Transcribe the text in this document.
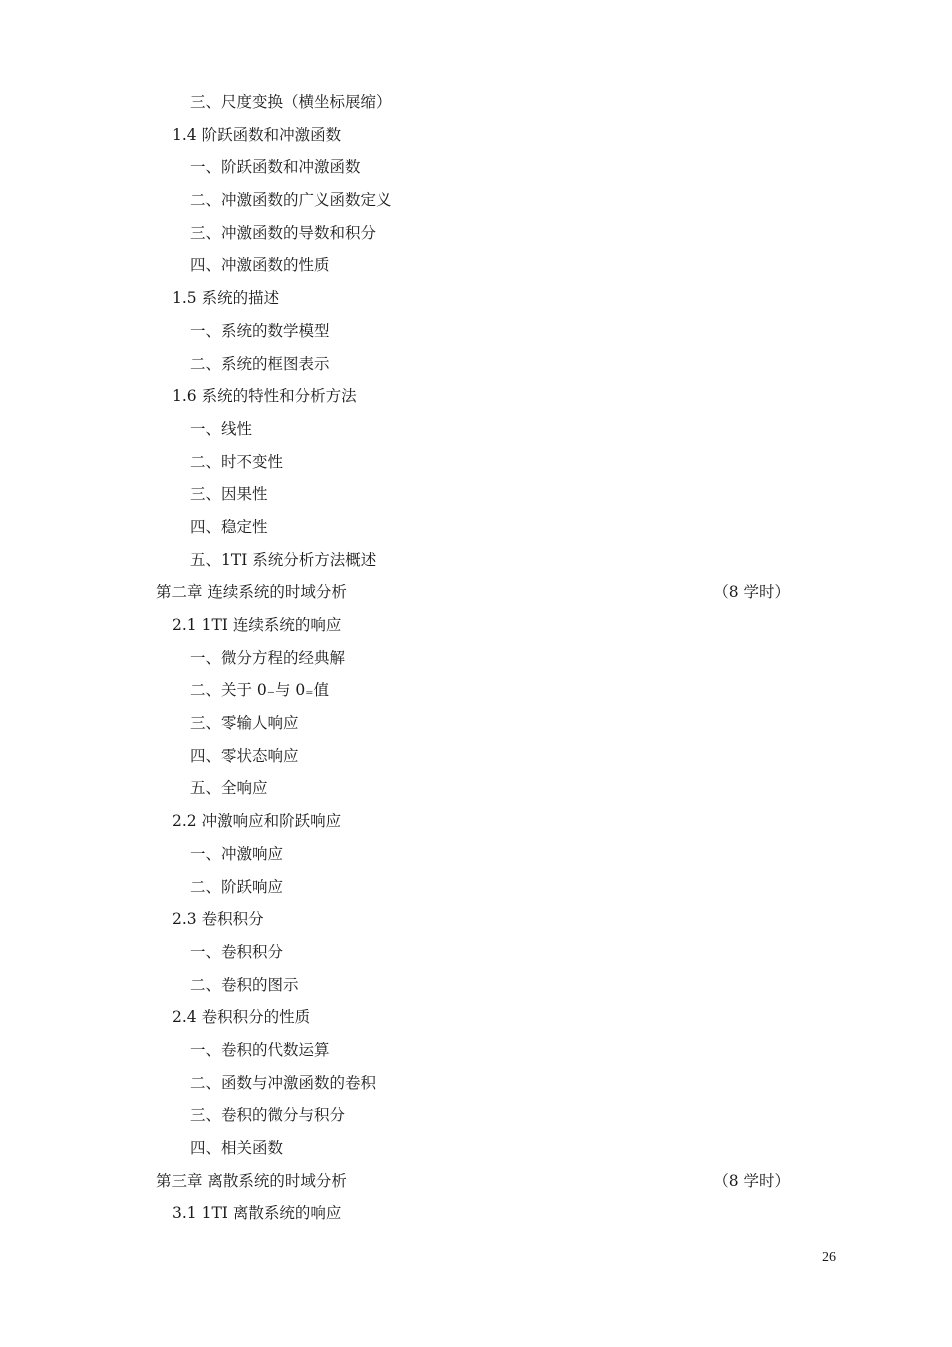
三、尺度变换（横坐标展缩）
1.4 阶跃函数和冲激函数
一、阶跃函数和冲激函数
二、冲激函数的广义函数定义
三、冲激函数的导数和积分
四、冲激函数的性质
1.5 系统的描述
一、系统的数学模型
二、系统的框图表示
1.6 系统的特性和分析方法
一、线性
二、时不变性
三、因果性
四、稳定性
五、1TI 系统分析方法概述
第二章 连续系统的时域分析	（8 学时）
2.1 1TI 连续系统的响应
一、微分方程的经典解
二、关于 0₋与 0₌值
三、零输人响应
四、零状态响应
五、全响应
2.2 冲激响应和阶跃响应
一、冲激响应
二、阶跃响应
2.3 卷积积分
一、卷积积分
二、卷积的图示
2.4 卷积积分的性质
一、卷积的代数运算
二、函数与冲激函数的卷积
三、卷积的微分与积分
四、相关函数
第三章 离散系统的时域分析	（8 学时）
3.1 1TI 离散系统的响应
26
